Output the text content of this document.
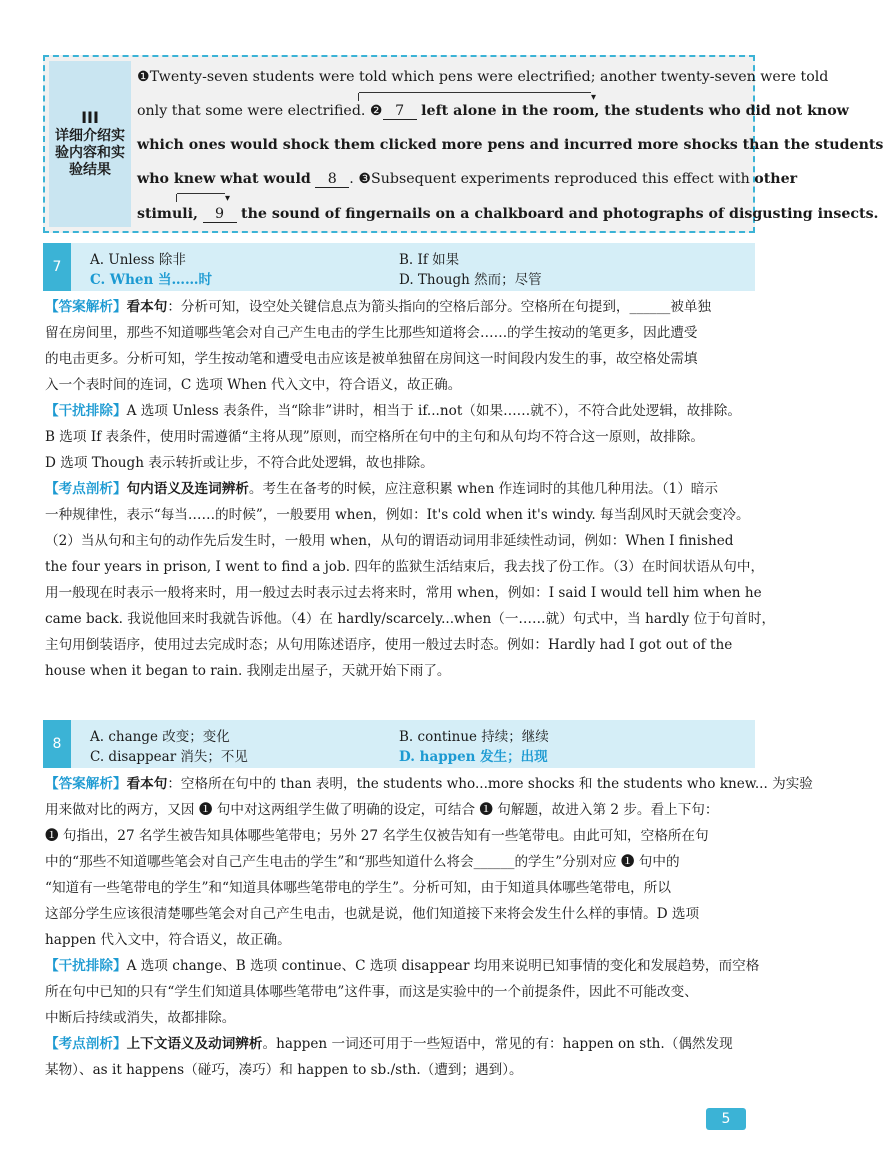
III
详细介绍实
验内容和实
验结果
❶Twenty-seven students were told which pens were electrified; another twenty-seven were told
▾
only that some were electrified. ❷ 7 left alone in the room, the students who did not know
which ones would shock them clicked more pens and incurred more shocks than the students
who knew what would 8 . ❸Subsequent experiments reproduced this effect with other
▾
stimuli, 9 the sound of fingernails on a chalkboard and photographs of disgusting insects.
7	A. Unless 除非	B. If 如果
C. When 当……时	D. Though 然而；尽管
【答案解析】看本句：分析可知，设空处关键信息点为箭头指向的空格后部分。空格所在句提到，______被单独
留在房间里，那些不知道哪些笔会对自己产生电击的学生比那些知道将会……的学生按动的笔更多，因此遭受
的电击更多。分析可知，学生按动笔和遭受电击应该是被单独留在房间这一时间段内发生的事，故空格处需填
入一个表时间的连词，C 选项 When 代入文中，符合语义，故正确。
【干扰排除】A 选项 Unless 表条件，当“除非”讲时，相当于 if...not（如果……就不），不符合此处逻辑，故排除。
B 选项 If 表条件，使用时需遵循“主将从现”原则，而空格所在句中的主句和从句均不符合这一原则，故排除。
D 选项 Though 表示转折或让步，不符合此处逻辑，故也排除。
【考点剖析】句内语义及连词辨析。考生在备考的时候，应注意积累 when 作连词时的其他几种用法。（1）暗示
一种规律性，表示“每当……的时候”，一般要用 when，例如：It's cold when it's windy. 每当刮风时天就会变冷。
（2）当从句和主句的动作先后发生时，一般用 when，从句的谓语动词用非延续性动词，例如：When I finished
the four years in prison, I went to find a job. 四年的监狱生活结束后，我去找了份工作。（3）在时间状语从句中，
用一般现在时表示一般将来时，用一般过去时表示过去将来时，常用 when，例如：I said I would tell him when he
came back. 我说他回来时我就告诉他。（4）在 hardly/scarcely...when（一……就）句式中，当 hardly 位于句首时，
主句用倒装语序，使用过去完成时态；从句用陈述语序，使用一般过去时态。例如：Hardly had I got out of the
house when it began to rain. 我刚走出屋子，天就开始下雨了。
8	A. change 改变；变化	B. continue 持续；继续
C. disappear 消失；不见	D. happen 发生；出现
【答案解析】看本句：空格所在句中的 than 表明，the students who...more shocks 和 the students who knew... 为实验
用来做对比的两方，又因 ❶ 句中对这两组学生做了明确的设定，可结合 ❶ 句解题，故进入第 2 步。看上下句：
❶ 句指出，27 名学生被告知具体哪些笔带电；另外 27 名学生仅被告知有一些笔带电。由此可知，空格所在句
中的“那些不知道哪些笔会对自己产生电击的学生”和“那些知道什么将会______的学生”分别对应 ❶ 句中的
“知道有一些笔带电的学生”和“知道具体哪些笔带电的学生”。分析可知，由于知道具体哪些笔带电，所以
这部分学生应该很清楚哪些笔会对自己产生电击，也就是说，他们知道接下来将会发生什么样的事情。D 选项
happen 代入文中，符合语义，故正确。
【干扰排除】A 选项 change、B 选项 continue、C 选项 disappear 均用来说明已知事情的变化和发展趋势，而空格
所在句中已知的只有“学生们知道具体哪些笔带电”这件事，而这是实验中的一个前提条件，因此不可能改变、
中断后持续或消失，故都排除。
【考点剖析】上下文语义及动词辨析。happen 一词还可用于一些短语中，常见的有：happen on sth.（偶然发现
某物）、as it happens（碰巧，凑巧）和 happen to sb./sth.（遭到；遇到）。
5
